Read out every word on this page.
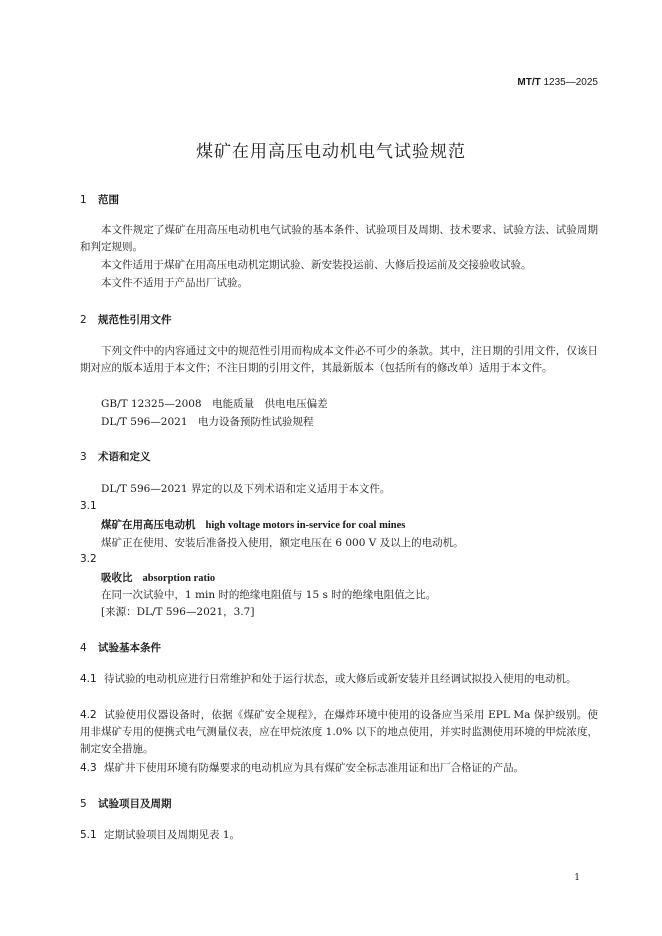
MT/T 1235—2025
煤矿在用高压电动机电气试验规范
1 范围
本文件规定了煤矿在用高压电动机电气试验的基本条件、试验项目及周期、技术要求、试验方法、试验周期和判定规则。
本文件适用于煤矿在用高压电动机定期试验、新安装投运前、大修后投运前及交接验收试验。
本文件不适用于产品出厂试验。
2 规范性引用文件
下列文件中的内容通过文中的规范性引用而构成本文件必不可少的条款。其中，注日期的引用文件，仅该日期对应的版本适用于本文件；不注日期的引用文件，其最新版本（包括所有的修改单）适用于本文件。
GB/T 12325—2008　 电能质量　供电电压偏差
DL/T 596—2021　 电力设备预防性试验规程
3 术语和定义
DL/T 596—2021 界定的以及下列术语和定义适用于本文件。
3.1
煤矿在用高压电动机 high voltage motors in-service for coal mines
煤矿正在使用、安装后准备投入使用，额定电压在 6 000 V 及以上的电动机。
3.2
吸收比 absorption ratio
在同一次试验中，1 min 时的绝缘电阻值与 15 s 时的绝缘电阻值之比。
[来源：DL/T 596—2021，3.7]
4 试验基本条件
4.1 待试验的电动机应进行日常维护和处于运行状态，或大修后或新安装并且经调试拟投入使用的电动机。
4.2 试验使用仪器设备时，依据《煤矿安全规程》，在爆炸环境中使用的设备应当采用 EPL Ma 保护级别。使用非煤矿专用的便携式电气测量仪表，应在甲烷浓度 1.0% 以下的地点使用，并实时监测使用环境的甲烷浓度，制定安全措施。
4.3 煤矿井下使用环境有防爆要求的电动机应为具有煤矿安全标志准用证和出厂合格证的产品。
5 试验项目及周期
5.1 定期试验项目及周期见表 1。
1
